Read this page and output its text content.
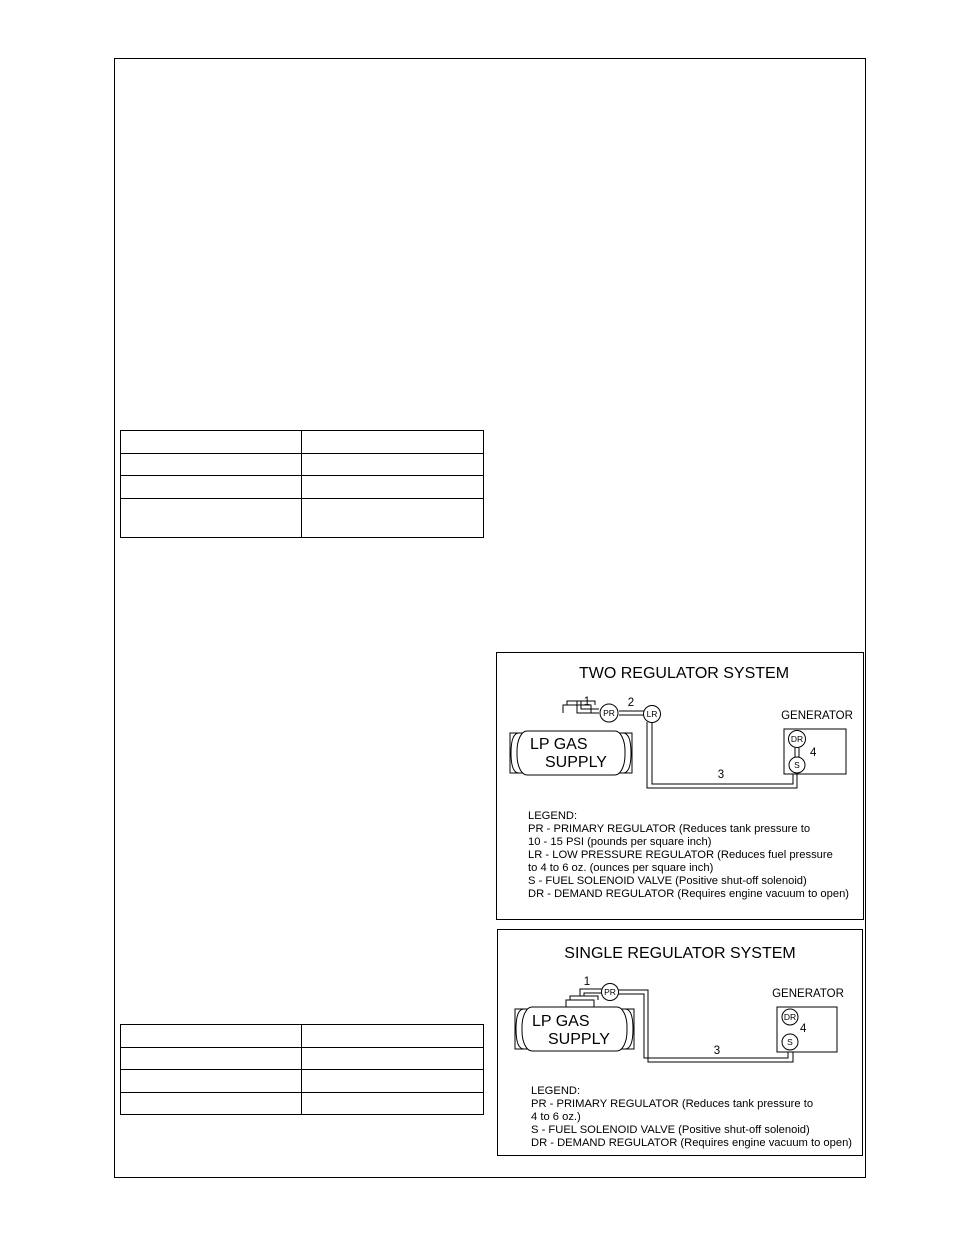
TWO REGULATOR SYSTEM
LP GAS
SUPPLY
PR	LR
1	2
3
GENERATOR
DR
S
4
LEGEND:
PR - PRIMARY REGULATOR (Reduces tank pressure to
10 - 15 PSI (pounds per square inch)
LR - LOW PRESSURE REGULATOR (Reduces fuel pressure
to 4 to 6 oz. (ounces per square inch)
S - FUEL SOLENOID VALVE (Positive shut-off solenoid)
DR - DEMAND REGULATOR (Requires engine vacuum to open)
SINGLE REGULATOR SYSTEM
LP GAS
SUPPLY
PR
1
3
GENERATOR
DR
S
4
LEGEND:
PR - PRIMARY REGULATOR (Reduces tank pressure to
4 to 6 oz.)
S - FUEL SOLENOID VALVE (Positive shut-off solenoid)
DR - DEMAND REGULATOR (Requires engine vacuum to open)
